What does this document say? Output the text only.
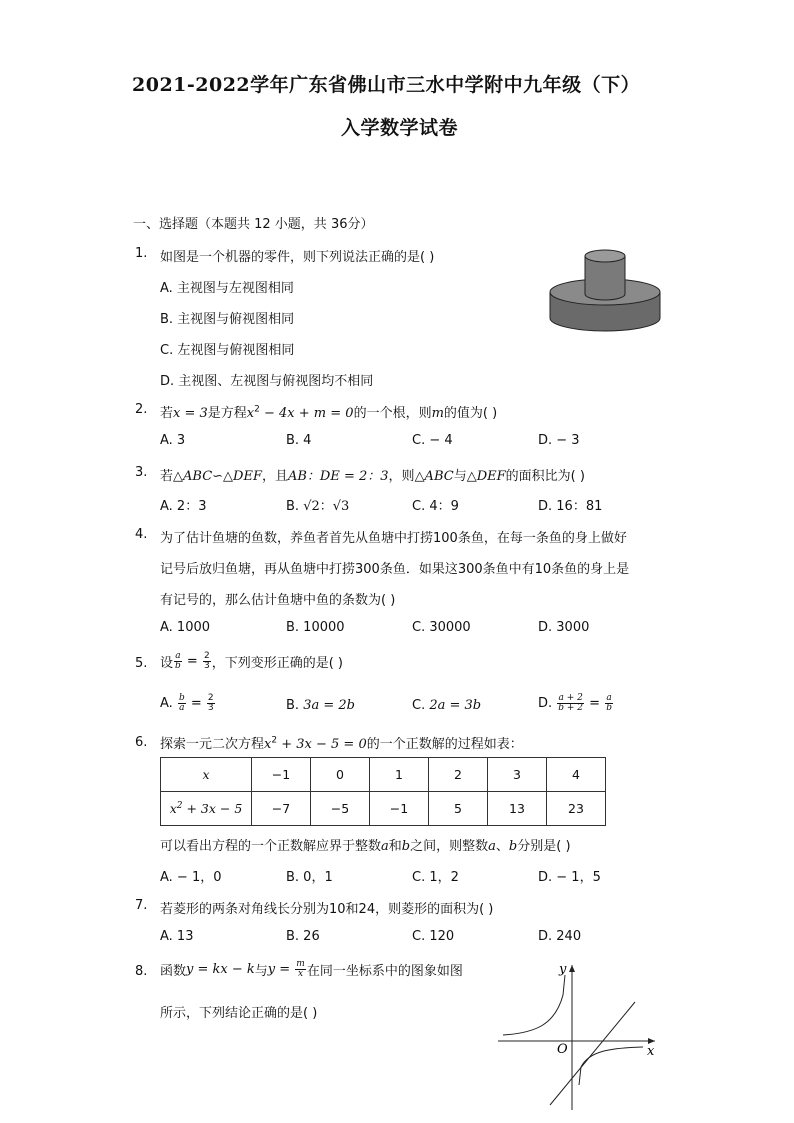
2021-2022学年广东省佛山市三水中学附中九年级（下）
入学数学试卷
一、选择题（本题共 12 小题，共 36分）
1. 如图是一个机器的零件，则下列说法正确的是( )
A. 主视图与左视图相同
B. 主视图与俯视图相同
C. 左视图与俯视图相同
D. 主视图、左视图与俯视图均不相同
2. 若x = 3是方程$x^2 - 4x + m = 0$的一个根，则m的值为( )
A. 3	B. 4	C. − 4	D. − 3
3. 若△ABC∽△DEF，且AB：DE = 2：3，则△ABC与△DEF的面积比为( )
A. 2：3	B. √2：√3	C. 4：9	D. 16：81
4. 为了估计鱼塘的鱼数，养鱼者首先从鱼塘中打捞100条鱼，在每一条鱼的身上做好
记号后放归鱼塘，再从鱼塘中打捞300条鱼．如果这300条鱼中有10条鱼的身上是
有记号的，那么估计鱼塘中鱼的条数为( )
A. 1000	B. 10000	C. 30000	D. 3000
5. 设 $\frac{a}{b} = \frac{2}{3}$ ，下列变形正确的是( )
A. $\frac{b}{a} = \frac{2}{3}$	B. 3a = 2b	C. 2a = 3b	D. $\frac{a + 2}{b + 2} = \frac{a}{b}$
6. 探索一元二次方程$x^2 + 3x - 5 = 0$的一个正数解的过程如表：
x	−1	0	1	2	3	4
$x^2 + 3x - 5$	−7	−5	−1	5	13	23
可以看出方程的一个正数解应界于整数a和b之间，则整数a、b分别是( )
A. − 1，0	B. 0，1	C. 1，2	D. − 1，5
7. 若菱形的两条对角线长分别为10和24，则菱形的面积为( )
A. 13	B. 26	C. 120	D. 240
8. 函数y = kx − k与$y = \frac{m}{x}$ 在同一坐标系中的图象如图
所示，下列结论正确的是( )
x
y
O
